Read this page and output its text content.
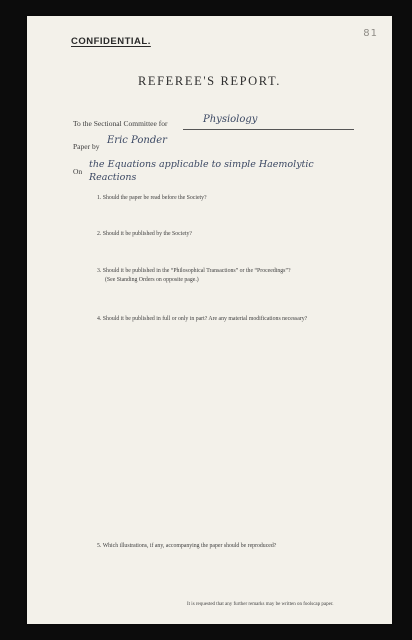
81
CONFIDENTIAL.
REFEREE'S REPORT.
To the Sectional Committee for	Physiology
Paper by
Eric Ponder
On
the Equations applicable to simple Haemolytic
Reactions
1. Should the paper be read before the Society?
2. Should it be published by the Society?
3. Should it be published in the “Philosophical Transactions” or the “Proceedings”?
(See Standing Orders on opposite page.)
4. Should it be published in full or only in part? Are any material modifications necessary?
5. Which illustrations, if any, accompanying the paper should be reproduced?
It is requested that any further remarks may be written on foolscap paper.
